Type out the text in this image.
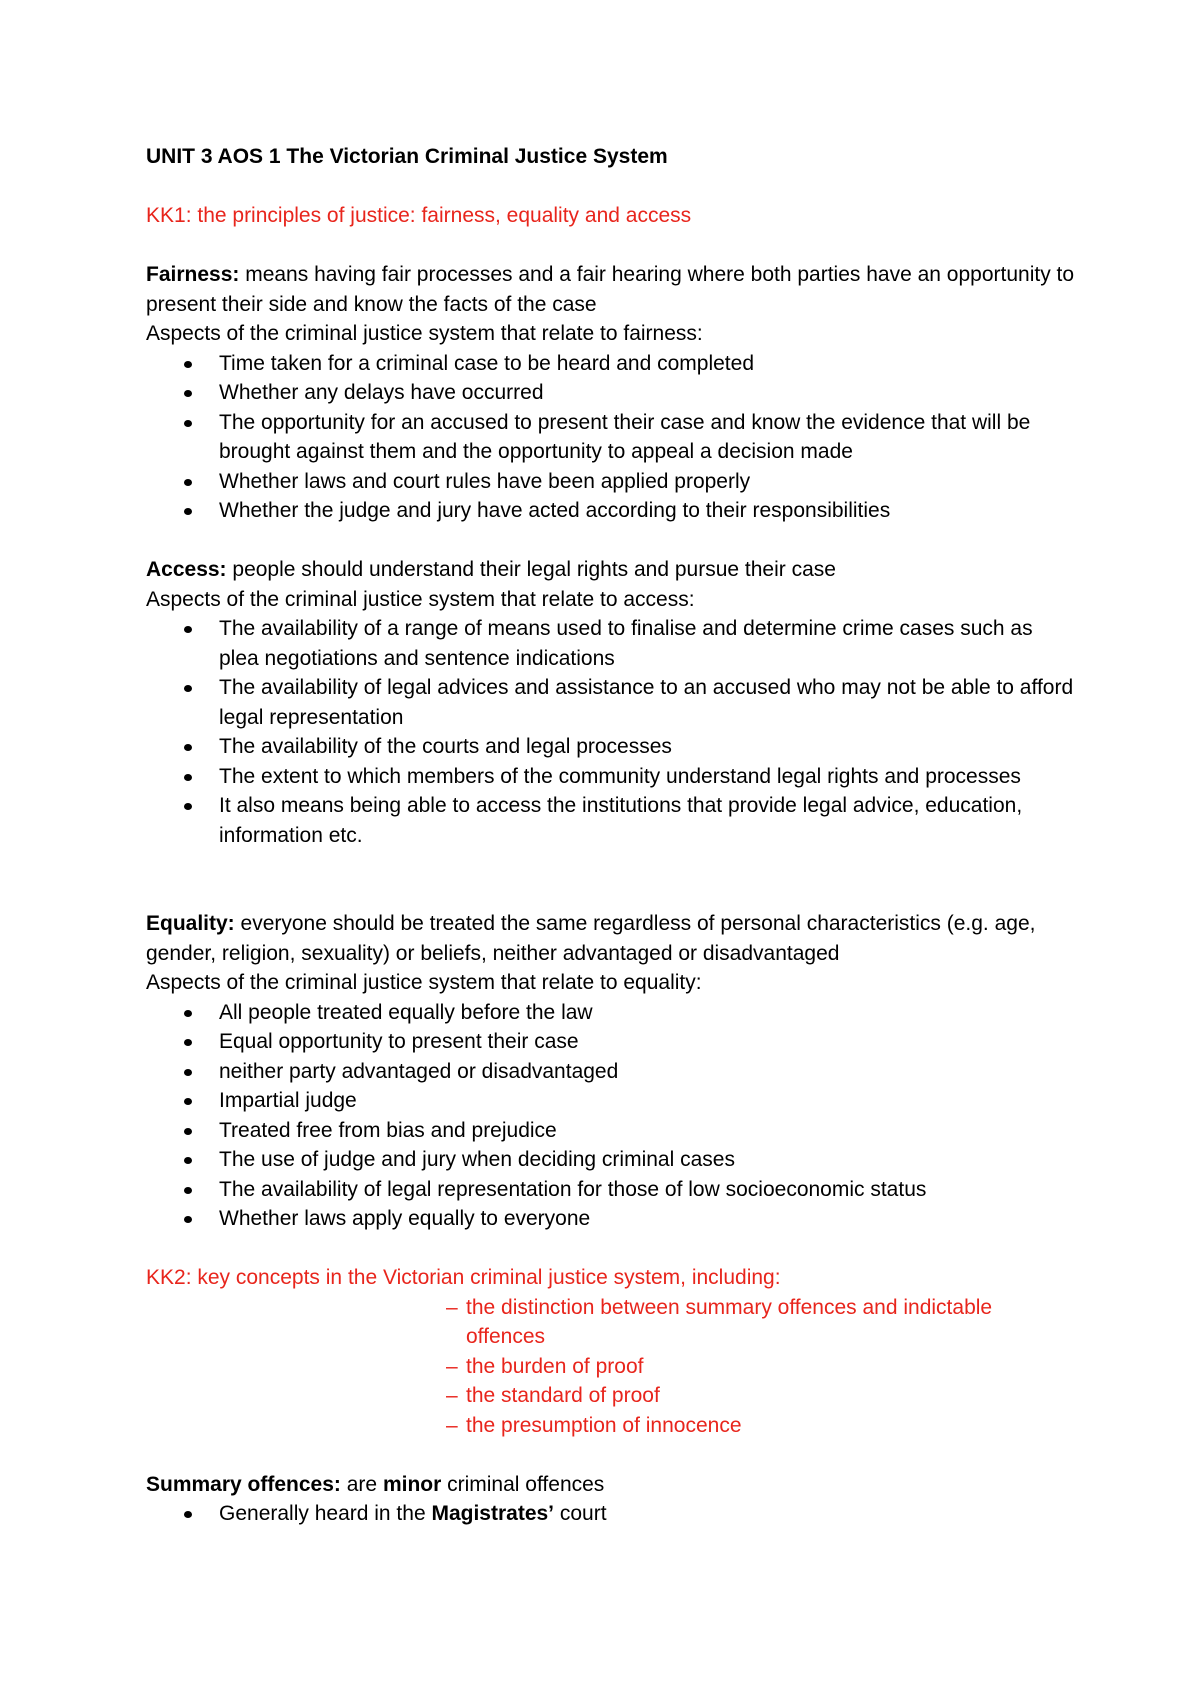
UNIT 3 AOS 1 The Victorian Criminal Justice System

KK1: the principles of justice: fairness, equality and access

Fairness: means having fair processes and a fair hearing where both parties have an opportunity to present their side and know the facts of the case

Aspects of the criminal justice system that relate to fairness:

Time taken for a criminal case to be heard and completed
Whether any delays have occurred
The opportunity for an accused to present their case and know the evidence that will be brought against them and the opportunity to appeal a decision made
Whether laws and court rules have been applied properly
Whether the judge and jury have acted according to their responsibilities

Access: people should understand their legal rights and pursue their case

Aspects of the criminal justice system that relate to access:

The availability of a range of means used to finalise and determine crime cases such as plea negotiations and sentence indications
The availability of legal advices and assistance to an accused who may not be able to afford legal representation
The availability of the courts and legal processes
The extent to which members of the community understand legal rights and processes
It also means being able to access the institutions that provide legal advice, education, information etc.

Equality: everyone should be treated the same regardless of personal characteristics (e.g. age, gender, religion, sexuality) or beliefs, neither advantaged or disadvantaged

Aspects of the criminal justice system that relate to equality:

All people treated equally before the law
Equal opportunity to present their case
neither party advantaged or disadvantaged
Impartial judge
Treated free from bias and prejudice
The use of judge and jury when deciding criminal cases
The availability of legal representation for those of low socioeconomic status
Whether laws apply equally to everyone

KK2: key concepts in the Victorian criminal justice system, including:

– the distinction between summary offences and indictable offences
– the burden of proof
– the standard of proof
– the presumption of innocence

Summary offences: are minor criminal offences

Generally heard in the Magistrates’ court
